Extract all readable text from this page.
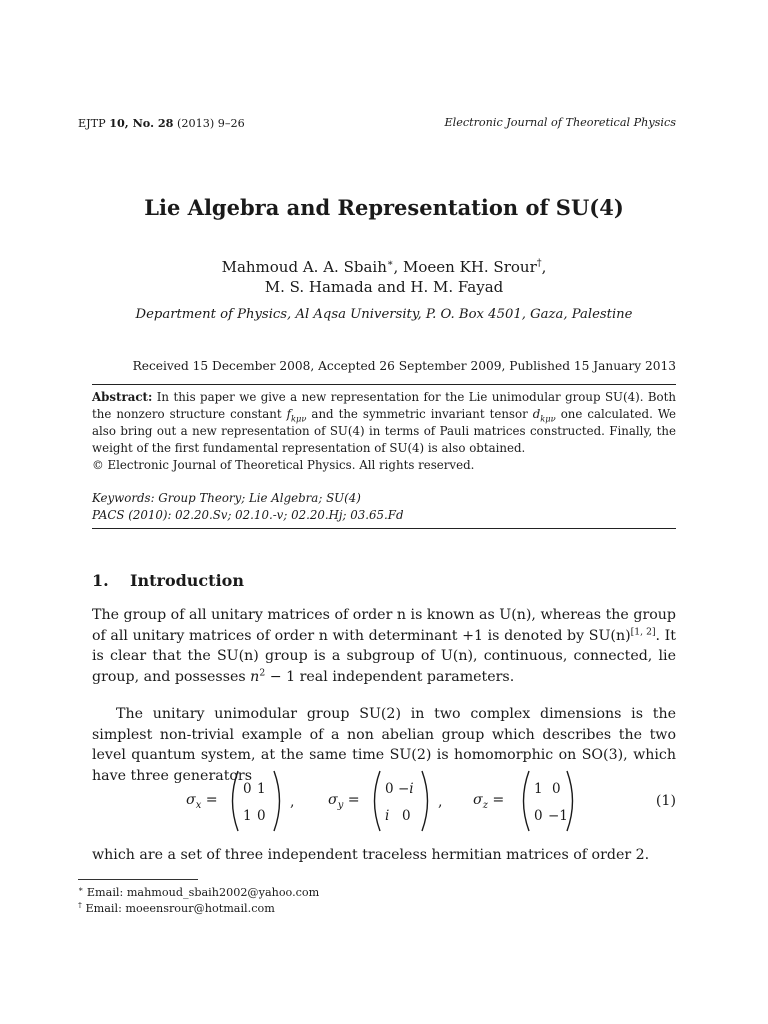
EJTP 10, No. 28 (2013) 9–26	Electronic Journal of Theoretical Physics
Lie Algebra and Representation of SU(4)
Mahmoud A. A. Sbaih∗, Moeen KH. Srour†,
M. S. Hamada and H. M. Fayad
Department of Physics, Al Aqsa University, P. O. Box 4501, Gaza, Palestine
Received 15 December 2008, Accepted 26 September 2009, Published 15 January 2013
Abstract: In this paper we give a new representation for the Lie unimodular group SU(4). Both the nonzero structure constant $f_{k\mu\nu}$ and the symmetric invariant tensor $d_{k\mu\nu}$ one calculated. We also bring out a new representation of SU(4) in terms of Pauli matrices constructed. Finally, the weight of the first fundamental representation of SU(4) is also obtained.
© Electronic Journal of Theoretical Physics. All rights reserved.
Keywords: Group Theory; Lie Algebra; SU(4)
PACS (2010): 02.20.Sv; 02.10.-v; 02.20.Hj; 03.65.Fd
1. Introduction
The group of all unitary matrices of order n is known as U(n), whereas the group of all unitary matrices of order n with determinant +1 is denoted by SU(n)[1, 2]. It is clear that the SU(n) group is a subgroup of U(n), continuous, connected, lie group, and possesses $n^2 - 1$ real independent parameters.
The unitary unimodular group SU(2) in two complex dimensions is the simplest non-trivial example of a non abelian group which describes the two level quantum system, at the same time SU(2) is homomorphic on SO(3), which have three generators
$\sigma_x$ =
0 1
1 0
, $\sigma_y$ =
0 −i
i 0
, $\sigma_z$ =
1 0
0 −1
(1)
which are a set of three independent traceless hermitian matrices of order 2.
∗ Email: mahmoud_sbaih2002@yahoo.com
† Email: moeensrour@hotmail.com
